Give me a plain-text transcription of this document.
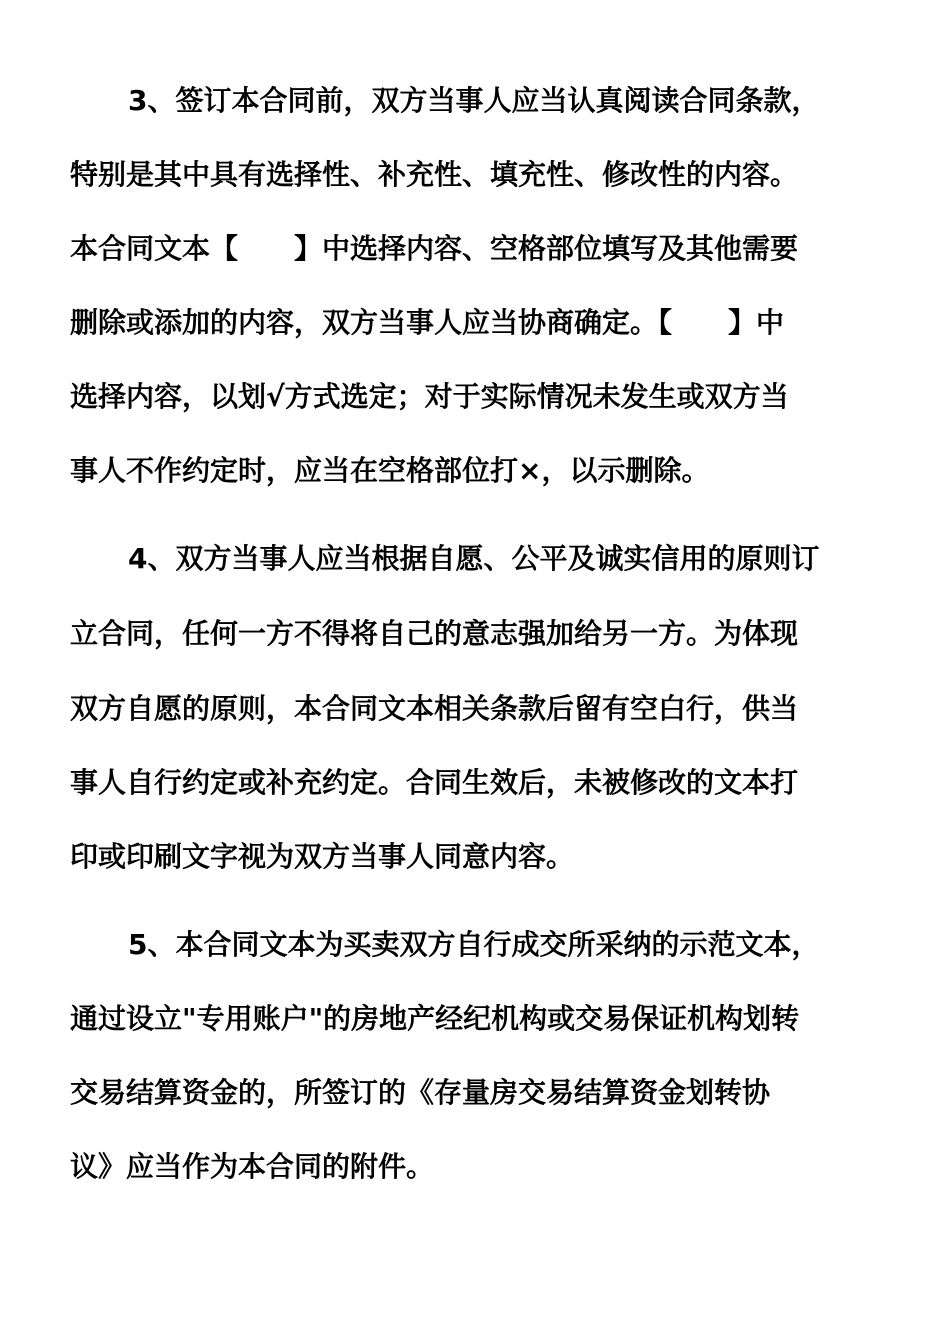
3、签订本合同前，双方当事人应当认真阅读合同条款，
特别是其中具有选择性、补充性、填充性、修改性的内容。
本合同文本【　　】中选择内容、空格部位填写及其他需要
删除或添加的内容，双方当事人应当协商确定。【　　】中
选择内容，以划√方式选定；对于实际情况未发生或双方当
事人不作约定时，应当在空格部位打×，以示删除。
4、双方当事人应当根据自愿、公平及诚实信用的原则订
立合同，任何一方不得将自己的意志强加给另一方。为体现
双方自愿的原则，本合同文本相关条款后留有空白行，供当
事人自行约定或补充约定。合同生效后，未被修改的文本打
印或印刷文字视为双方当事人同意内容。
5、本合同文本为买卖双方自行成交所采纳的示范文本，
通过设立"专用账户"的房地产经纪机构或交易保证机构划转
交易结算资金的，所签订的《存量房交易结算资金划转协
议》应当作为本合同的附件。
